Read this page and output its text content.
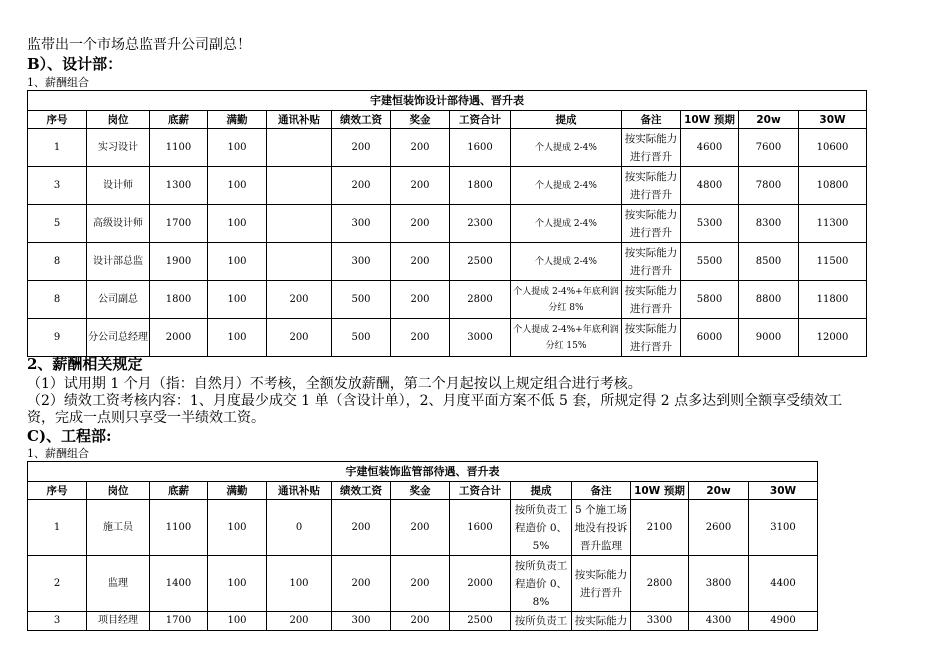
监带出一个市场总监晋升公司副总！
B）、设计部：
1、薪酬组合
宇建恒装饰设计部待遇、晋升表												
序号	岗位	底薪	满勤	通讯补贴	绩效工资	奖金	工资合计	提成	备注	10W 预期	20w	30W
1	实习设计	1100	100		200	200	1600	个人提成 2-4%	按实际能力进行晋升	4600	7600	10600
3	设计师	1300	100		200	200	1800	个人提成 2-4%	按实际能力进行晋升	4800	7800	10800
5	高级设计师	1700	100		300	200	2300	个人提成 2-4%	按实际能力进行晋升	5300	8300	11300
8	设计部总监	1900	100		300	200	2500	个人提成 2-4%	按实际能力进行晋升	5500	8500	11500
8	公司副总	1800	100	200	500	200	2800	个人提成 2-4%+年底利润分红 8%	按实际能力进行晋升	5800	8800	11800
9	分公司总经理	2000	100	200	500	200	3000	个人提成 2-4%+年底利润分红 15%	按实际能力进行晋升	6000	9000	12000
2、薪酬相关规定
（1）试用期 1 个月（指：自然月）不考核，全额发放薪酬，第二个月起按以上规定组合进行考核。
（2）绩效工资考核内容：1、月度最少成交 1 单（含设计单），2、月度平面方案不低 5 套，所规定得 2 点多达到则全额享受绩效工
资，完成一点则只享受一半绩效工资。
C)、工程部:
1、薪酬组合
宇建恒装饰监管部待遇、晋升表												
序号	岗位	底薪	满勤	通讯补贴	绩效工资	奖金	工资合计	提成	备注	10W 预期	20w	30W
1	施工员	1100	100	0	200	200	1600	按所负责工程造价 0、5%	5 个施工场地没有投诉晋升监理	2100	2600	3100
2	监理	1400	100	100	200	200	2000	按所负责工程造价 0、8%	按实际能力进行晋升	2800	3800	4400
3	项目经理	1700	100	200	300	200	2500	按所负责工	按实际能力	3300	4300	4900
